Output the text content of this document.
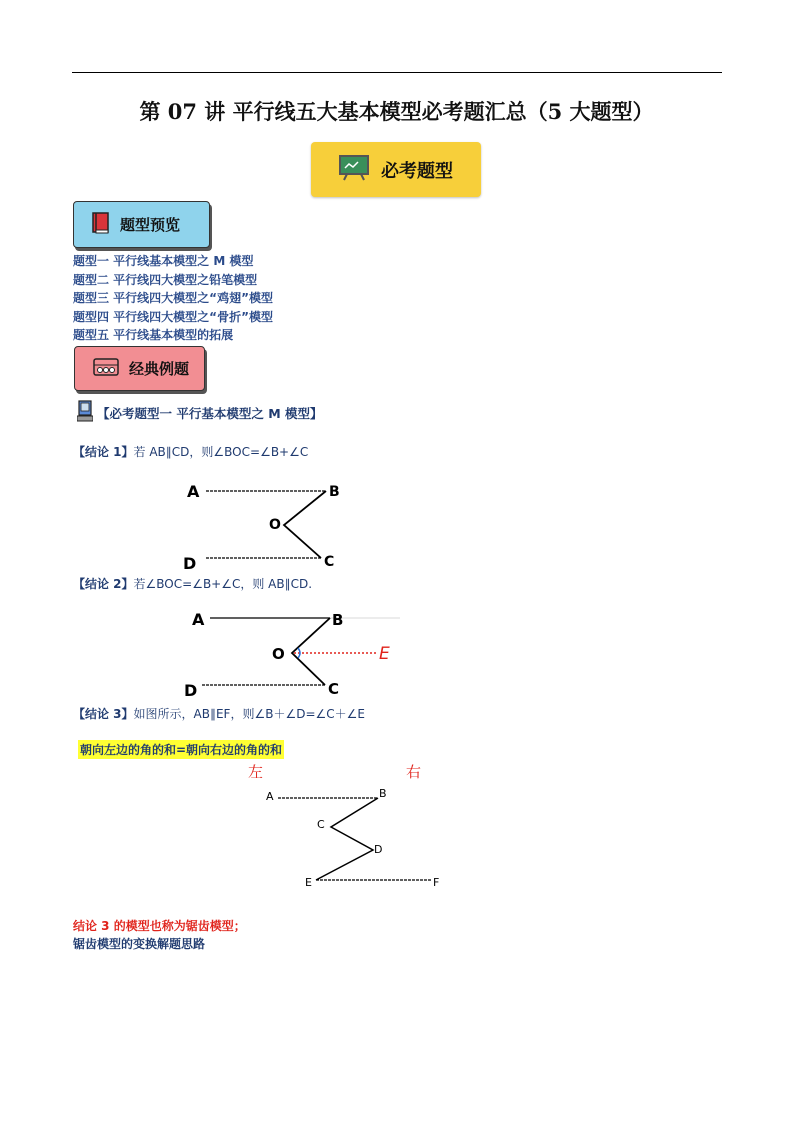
第 07 讲 平行线五大基本模型必考题汇总（5 大题型）
必考题型
题型预览
题型一 平行线基本模型之 M 模型
题型二 平行线四大模型之铅笔模型
题型三 平行线四大模型之“鸡翅”模型
题型四 平行线四大模型之“骨折”模型
题型五 平行线基本模型的拓展
经典例题
【必考题型一 平行基本模型之 M 模型】
【结论 1】若 AB∥CD，则∠BOC=∠B+∠C
A	B
O
C
D
【结论 2】若∠BOC=∠B+∠C，则 AB∥CD.
A	B
O
C
D
E
【结论 3】如图所示，AB∥EF，则∠B＋∠D=∠C＋∠E
朝向左边的角的和=朝向右边的角的和
左	右
A	B
C
D
E	F
结论 3 的模型也称为锯齿模型；
锯齿模型的变换解题思路
